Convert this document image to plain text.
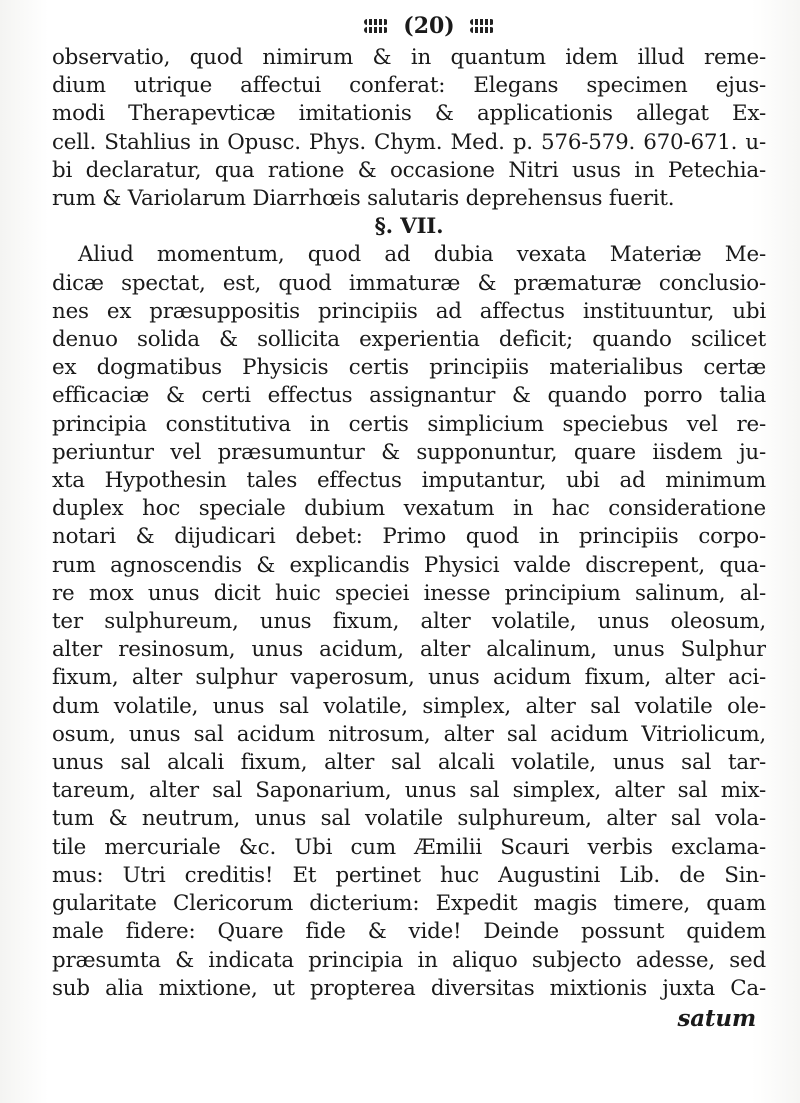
(20)
observatio, quod nimirum & in quantum idem illud reme-
dium utrique affectui conferat: Elegans specimen ejus-
modi Therapevticæ imitationis & applicationis allegat Ex-
cell. Stahlius in Opusc. Phys. Chym. Med. p. 576-579. 670-671. u-
bi declaratur, qua ratione & occasione Nitri usus in Petechia-
rum & Variolarum Diarrhœis salutaris deprehensus fuerit.
§. VII.
Aliud momentum, quod ad dubia vexata Materiæ Me-
dicæ spectat, est, quod immaturæ & præmaturæ conclusio-
nes ex præsuppositis principiis ad affectus instituuntur, ubi
denuo solida & sollicita experientia deficit; quando scilicet
ex dogmatibus Physicis certis principiis materialibus certæ
efficaciæ & certi effectus assignantur & quando porro talia
principia constitutiva in certis simplicium speciebus vel re-
periuntur vel præsumuntur & supponuntur, quare iisdem ju-
xta Hypothesin tales effectus imputantur, ubi ad minimum
duplex hoc speciale dubium vexatum in hac consideratione
notari & dijudicari debet: Primo quod in principiis corpo-
rum agnoscendis & explicandis Physici valde discrepent, qua-
re mox unus dicit huic speciei inesse principium salinum, al-
ter sulphureum, unus fixum, alter volatile, unus oleosum,
alter resinosum, unus acidum, alter alcalinum, unus Sulphur
fixum, alter sulphur vaperosum, unus acidum fixum, alter aci-
dum volatile, unus sal volatile, simplex, alter sal volatile ole-
osum, unus sal acidum nitrosum, alter sal acidum Vitriolicum,
unus sal alcali fixum, alter sal alcali volatile, unus sal tar-
tareum, alter sal Saponarium, unus sal simplex, alter sal mix-
tum & neutrum, unus sal volatile sulphureum, alter sal vola-
tile mercuriale &c. Ubi cum Æmilii Scauri verbis exclama-
mus: Utri creditis! Et pertinet huc Augustini Lib. de Sin-
gularitate Clericorum dicterium: Expedit magis timere, quam
male fidere: Quare fide & vide! Deinde possunt quidem
præsumta & indicata principia in aliquo subjecto adesse, sed
sub alia mixtione, ut propterea diversitas mixtionis juxta Ca-
satum
